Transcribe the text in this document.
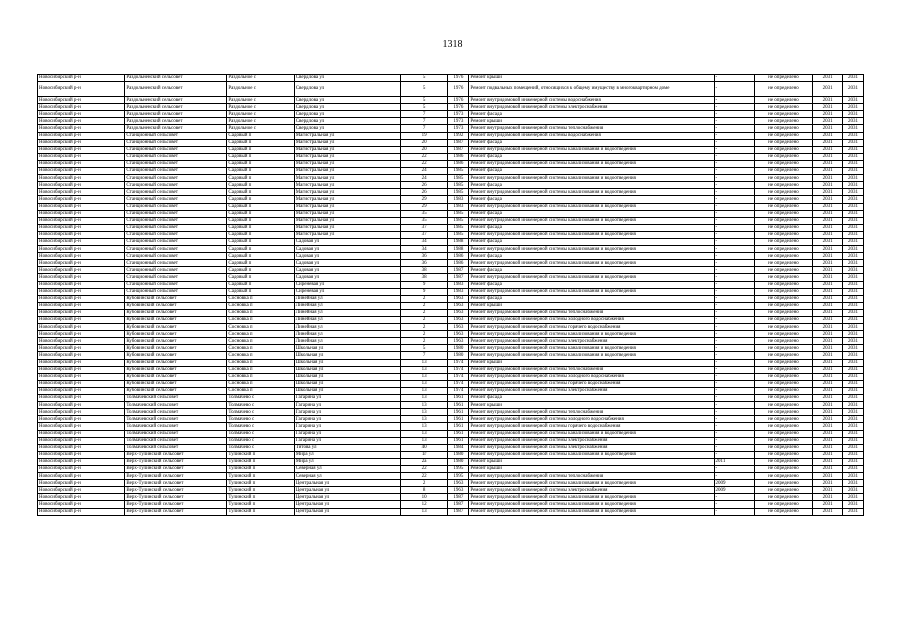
1318
Новосибирский р-н	Раздольненский сельсовет	Раздольное с	Свердлова ул	5	1976	Ремонт крыши	-	не определено	2031	2031
Новосибирский р-н	Раздольненский сельсовет	Раздольное с	Свердлова ул	5	1976	Ремонт подвальных помещений, относящихся к общему имуществу в многоквартирном доме	-	не определено	2031	2031
Новосибирский р-н	Раздольненский сельсовет	Раздольное с	Свердлова ул	5	1976	Ремонт внутридомовой инженерной системы водоснабжения	-	не определено	2031	2031
Новосибирский р-н	Раздольненский сельсовет	Раздольное с	Свердлова ул	5	1976	Ремонт внутридомовой инженерной системы электроснабжения	-	не определено	2031	2031
Новосибирский р-н	Раздольненский сельсовет	Раздольное с	Свердлова ул	7	1973	Ремонт фасада	-	не определено	2031	2031
Новосибирский р-н	Раздольненский сельсовет	Раздольное с	Свердлова ул	7	1973	Ремонт крыши	-	не определено	2031	2031
Новосибирский р-н	Раздольненский сельсовет	Раздольное с	Свердлова ул	7	1973	Ремонт внутридомовой инженерной системы теплоснабжения	-	не определено	2031	2031
Новосибирский р-н	Станционный сельсовет	Садовый п	Магистральная ул	19	1992	Ремонт внутридомовой инженерной системы водоснабжения	-	не определено	2031	2031
Новосибирский р-н	Станционный сельсовет	Садовый п	Магистральная ул	20	1987	Ремонт фасада	-	не определено	2031	2031
Новосибирский р-н	Станционный сельсовет	Садовый п	Магистральная ул	20	1987	Ремонт внутридомовой инженерной системы канализования и водоотведения	-	не определено	2031	2031
Новосибирский р-н	Станционный сельсовет	Садовый п	Магистральная ул	22	1986	Ремонт фасада	-	не определено	2031	2031
Новосибирский р-н	Станционный сельсовет	Садовый п	Магистральная ул	22	1986	Ремонт внутридомовой инженерной системы канализования и водоотведения	-	не определено	2031	2031
Новосибирский р-н	Станционный сельсовет	Садовый п	Магистральная ул	24	1985	Ремонт фасада	-	не определено	2031	2031
Новосибирский р-н	Станционный сельсовет	Садовый п	Магистральная ул	24	1985	Ремонт внутридомовой инженерной системы канализования и водоотведения	-	не определено	2031	2031
Новосибирский р-н	Станционный сельсовет	Садовый п	Магистральная ул	26	1985	Ремонт фасада	-	не определено	2031	2031
Новосибирский р-н	Станционный сельсовет	Садовый п	Магистральная ул	26	1985	Ремонт внутридомовой инженерной системы канализования и водоотведения	-	не определено	2031	2031
Новосибирский р-н	Станционный сельсовет	Садовый п	Магистральная ул	29	1983	Ремонт фасада	-	не определено	2031	2031
Новосибирский р-н	Станционный сельсовет	Садовый п	Магистральная ул	29	1983	Ремонт внутридомовой инженерной системы канализования и водоотведения	-	не определено	2031	2031
Новосибирский р-н	Станционный сельсовет	Садовый п	Магистральная ул	35	1985	Ремонт фасада	-	не определено	2031	2031
Новосибирский р-н	Станционный сельсовет	Садовый п	Магистральная ул	35	1985	Ремонт внутридомовой инженерной системы канализования и водоотведения	-	не определено	2031	2031
Новосибирский р-н	Станционный сельсовет	Садовый п	Магистральная ул	37	1985	Ремонт фасада	-	не определено	2031	2031
Новосибирский р-н	Станционный сельсовет	Садовый п	Магистральная ул	37	1985	Ремонт внутридомовой инженерной системы канализования и водоотведения	-	не определено	2031	2031
Новосибирский р-н	Станционный сельсовет	Садовый п	Садовая ул	34	1988	Ремонт фасада	-	не определено	2031	2031
Новосибирский р-н	Станционный сельсовет	Садовый п	Садовая ул	34	1988	Ремонт внутридомовой инженерной системы канализования и водоотведения	-	не определено	2031	2031
Новосибирский р-н	Станционный сельсовет	Садовый п	Садовая ул	36	1986	Ремонт фасада	-	не определено	2031	2031
Новосибирский р-н	Станционный сельсовет	Садовый п	Садовая ул	36	1986	Ремонт внутридомовой инженерной системы канализования и водоотведения	-	не определено	2031	2031
Новосибирский р-н	Станционный сельсовет	Садовый п	Садовая ул	38	1987	Ремонт фасада	-	не определено	2031	2031
Новосибирский р-н	Станционный сельсовет	Садовый п	Садовая ул	38	1987	Ремонт внутридомовой инженерной системы канализования и водоотведения	-	не определено	2031	2031
Новосибирский р-н	Станционный сельсовет	Садовый п	Сиреневая ул	9	1983	Ремонт фасада	-	не определено	2031	2031
Новосибирский р-н	Станционный сельсовет	Садовый п	Сиреневая ул	9	1983	Ремонт внутридомовой инженерной системы канализования и водоотведения	-	не определено	2031	2031
Новосибирский р-н	Кубовинский сельсовет	Сосновка п	Линейная ул	2	1963	Ремонт фасада	-	не определено	2031	2031
Новосибирский р-н	Кубовинский сельсовет	Сосновка п	Линейная ул	2	1963	Ремонт крыши	-	не определено	2031	2031
Новосибирский р-н	Кубовинский сельсовет	Сосновка п	Линейная ул	2	1963	Ремонт внутридомовой инженерной системы теплоснабжения	-	не определено	2031	2031
Новосибирский р-н	Кубовинский сельсовет	Сосновка п	Линейная ул	2	1963	Ремонт внутридомовой инженерной системы холодного водоснабжения	-	не определено	2031	2031
Новосибирский р-н	Кубовинский сельсовет	Сосновка п	Линейная ул	2	1963	Ремонт внутридомовой инженерной системы горячего водоснабжения	-	не определено	2031	2031
Новосибирский р-н	Кубовинский сельсовет	Сосновка п	Линейная ул	2	1963	Ремонт внутридомовой инженерной системы канализования и водоотведения	-	не определено	2031	2031
Новосибирский р-н	Кубовинский сельсовет	Сосновка п	Линейная ул	2	1963	Ремонт внутридомовой инженерной системы электроснабжения	-	не определено	2031	2031
Новосибирский р-н	Кубовинский сельсовет	Сосновка п	Школьная ул	5	1980	Ремонт внутридомовой инженерной системы канализования и водоотведения	-	не определено	2031	2031
Новосибирский р-н	Кубовинский сельсовет	Сосновка п	Школьная ул	7	1980	Ремонт внутридомовой инженерной системы канализования и водоотведения	-	не определено	2031	2031
Новосибирский р-н	Кубовинский сельсовет	Сосновка п	Школьная ул	13	1974	Ремонт крыши	-	не определено	2031	2031
Новосибирский р-н	Кубовинский сельсовет	Сосновка п	Школьная ул	13	1974	Ремонт внутридомовой инженерной системы теплоснабжения	-	не определено	2031	2031
Новосибирский р-н	Кубовинский сельсовет	Сосновка п	Школьная ул	13	1974	Ремонт внутридомовой инженерной системы холодного водоснабжения	-	не определено	2031	2031
Новосибирский р-н	Кубовинский сельсовет	Сосновка п	Школьная ул	13	1974	Ремонт внутридомовой инженерной системы горячего водоснабжения	-	не определено	2031	2031
Новосибирский р-н	Кубовинский сельсовет	Сосновка п	Школьная ул	13	1974	Ремонт внутридомовой инженерной системы электроснабжения	-	не определено	2031	2031
Новосибирский р-н	Толмачевский сельсовет	Толмачево с	Гагарина ул	13	1961	Ремонт фасада	-	не определено	2031	2031
Новосибирский р-н	Толмачевский сельсовет	Толмачево с	Гагарина ул	13	1961	Ремонт крыши	-	не определено	2031	2031
Новосибирский р-н	Толмачевский сельсовет	Толмачево с	Гагарина ул	13	1961	Ремонт внутридомовой инженерной системы теплоснабжения	-	не определено	2031	2031
Новосибирский р-н	Толмачевский сельсовет	Толмачево с	Гагарина ул	13	1961	Ремонт внутридомовой инженерной системы холодного водоснабжения	-	не определено	2031	2031
Новосибирский р-н	Толмачевский сельсовет	Толмачево с	Гагарина ул	13	1961	Ремонт внутридомовой инженерной системы горячего водоснабжения	-	не определено	2031	2031
Новосибирский р-н	Толмачевский сельсовет	Толмачево с	Гагарина ул	13	1961	Ремонт внутридомовой инженерной системы канализования и водоотведения	-	не определено	2031	2031
Новосибирский р-н	Толмачевский сельсовет	Толмачево с	Гагарина ул	13	1961	Ремонт внутридомовой инженерной системы электроснабжения	-	не определено	2031	2031
Новосибирский р-н	Толмачевский сельсовет	Толмачево с	Титова ул	40	1984	Ремонт внутридомовой инженерной системы электроснабжения	-	не определено	2031	2031
Новосибирский р-н	Верх-Тулинский сельсовет	Тулинский п	Мира ул	1г	1980	Ремонт внутридомовой инженерной системы канализования и водоотведения	-	не определено	2031	2031
Новосибирский р-н	Верх-Тулинский сельсовет	Тулинский п	Мира ул	2а	1980	Ремонт крыши	2011	не определено	2031	2031
Новосибирский р-н	Верх-Тулинский сельсовет	Тулинский п	Северная ул	22	1995	Ремонт крыши	-	не определено	2031	2031
Новосибирский р-н	Верх-Тулинский сельсовет	Тулинский п	Северная ул	22	1995	Ремонт внутридомовой инженерной системы теплоснабжения	-	не определено	2031	2031
Новосибирский р-н	Верх-Тулинский сельсовет	Тулинский п	Центральная ул	2	1963	Ремонт внутридомовой инженерной системы канализования и водоотведения	2009	не определено	2031	2031
Новосибирский р-н	Верх-Тулинский сельсовет	Тулинский п	Центральная ул	8	1963	Ремонт внутридомовой инженерной системы электроснабжения	2009	не определено	2031	2031
Новосибирский р-н	Верх-Тулинский сельсовет	Тулинский п	Центральная ул	10	1987	Ремонт внутридомовой инженерной системы канализования и водоотведения	-	не определено	2031	2031
Новосибирский р-н	Верх-Тулинский сельсовет	Тулинский п	Центральная ул	12	1987	Ремонт внутридомовой инженерной системы канализования и водоотведения	-	не определено	2031	2031
Новосибирский р-н	Верх-Тулинский сельсовет	Тулинский п	Центральная ул	13	1987	Ремонт внутридомовой инженерной системы канализования и водоотведения	-	не определено	2031	2031
